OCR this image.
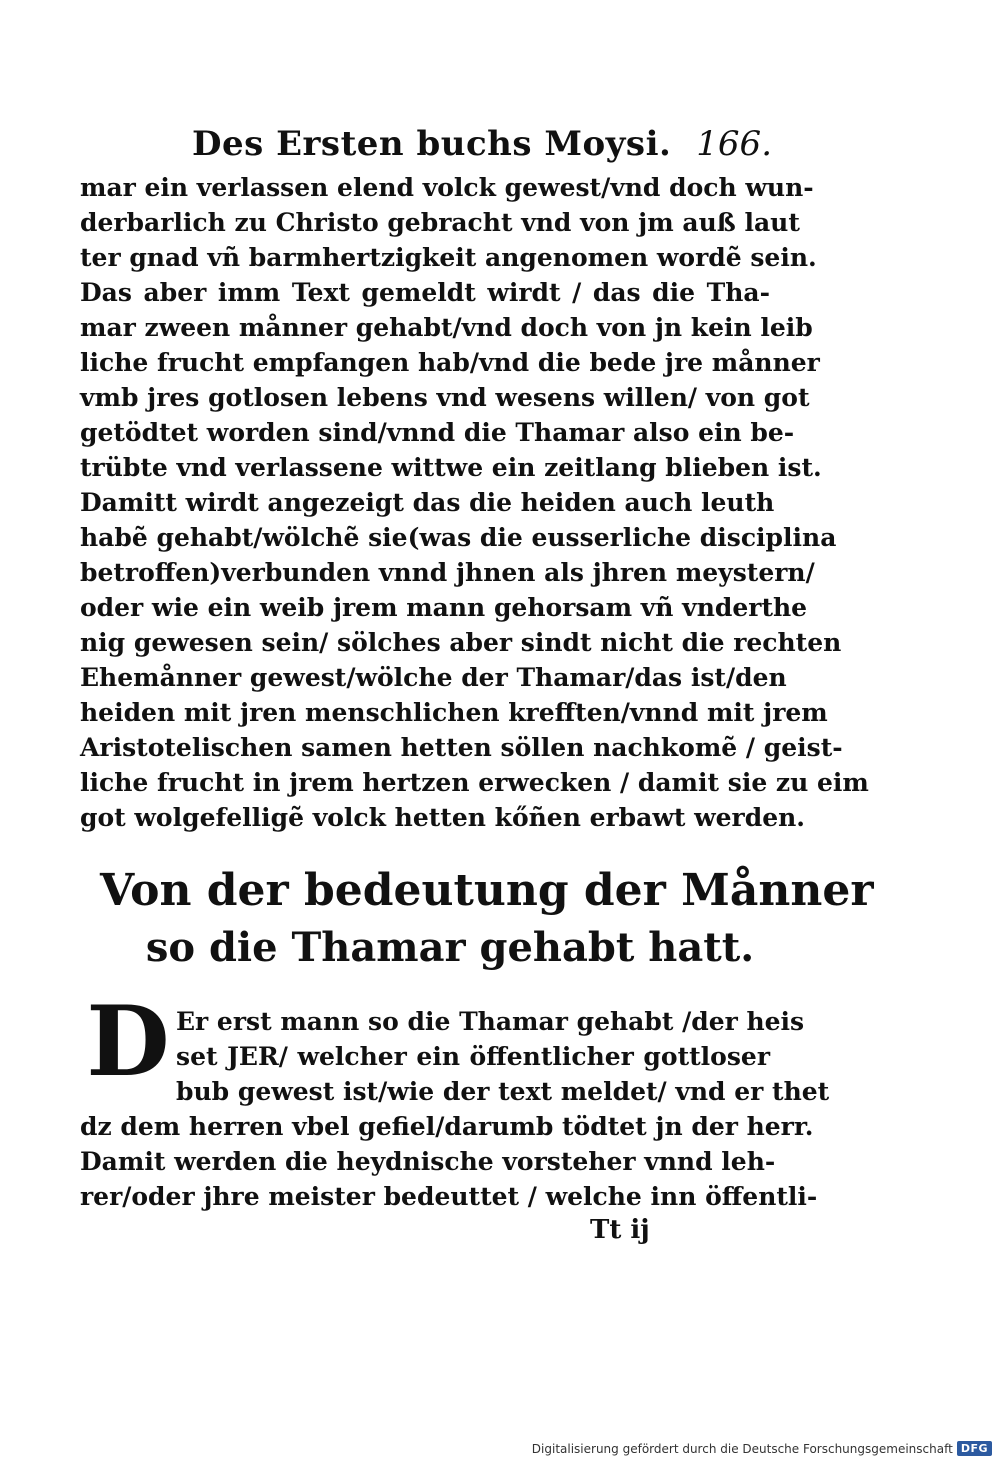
Des Ersten buchs Moysi. 166.
mar ein verlassen elend volck gewest/vnd doch wun-
derbarlich zu Christo gebracht vnd von jm auß laut
ter gnad vñ barmhertzigkeit angenomen wordẽ sein.
Das aber imm Text gemeldt wirdt / das die Tha-
mar zween månner gehabt/vnd doch von jn kein leib
liche frucht empfangen hab/vnd die bede jre månner
vmb jres gotlosen lebens vnd wesens willen/ von got
getödtet worden sind/vnnd die Thamar also ein be-
trübte vnd verlassene wittwe ein zeitlang blieben ist.
Damitt wirdt angezeigt das die heiden auch leuth
habẽ gehabt/wölchẽ sie(was die eusserliche disciplina
betroffen)verbunden vnnd jhnen als jhren meystern/
oder wie ein weib jrem mann gehorsam vñ vnderthe
nig gewesen sein/ sölches aber sindt nicht die rechten
Ehemånner gewest/wölche der Thamar/das ist/den
heiden mit jren menschlichen krefften/vnnd mit jrem
Aristotelischen samen hetten söllen nachkomẽ / geist-
liche frucht in jrem hertzen erwecken / damit sie zu eim
got wolgefelligẽ volck hetten kőñen erbawt werden.
Von der bedeutung der Månner
so die Thamar gehabt hatt.
D Er erst mann so die Thamar gehabt /der heis
set JER/ welcher ein öffentlicher gottloser
bub gewest ist/wie der text meldet/ vnd er thet
dz dem herren vbel gefiel/darumb tödtet jn der herr.
Damit werden die heydnische vorsteher vnnd leh-
rer/oder jhre meister bedeuttet / welche inn öffentli-
Tt ij
Digitalisierung gefördert durch die Deutsche Forschungsgemeinschaft DFG
